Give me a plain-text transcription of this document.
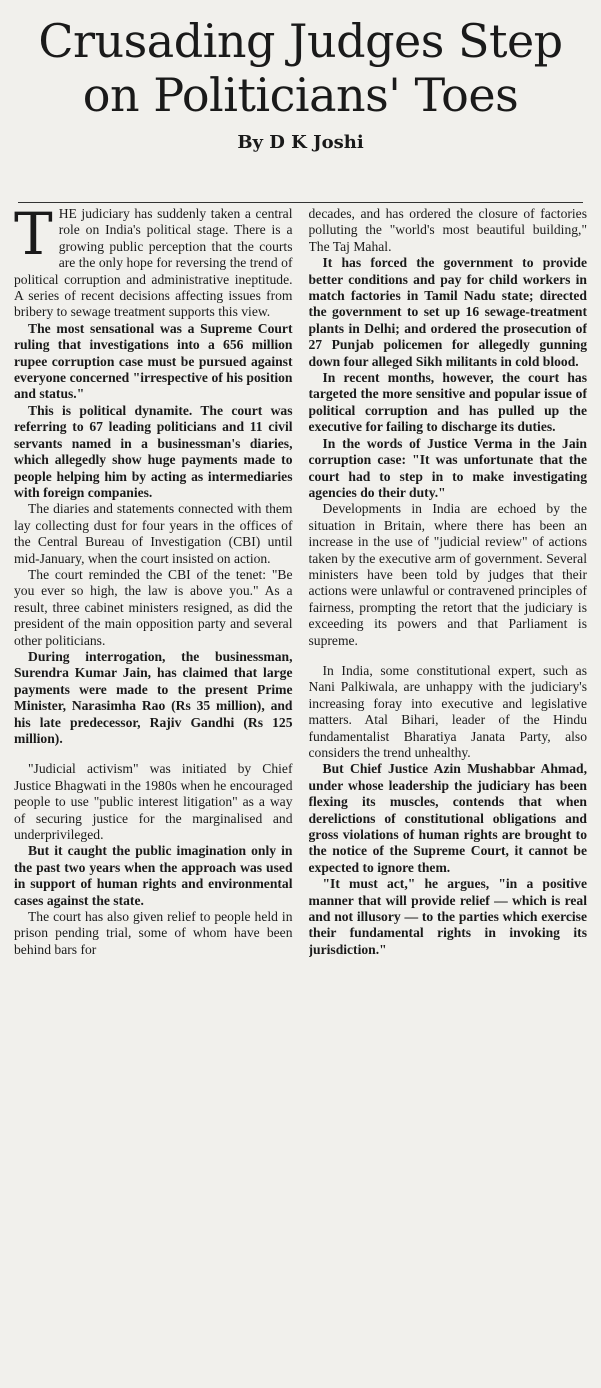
Crusading Judges Step
on Politicians' Toes
By D K Joshi

THE judiciary has suddenly taken a central role on India's political stage. There is a growing public perception that the courts are the only hope for reversing the trend of political corruption and administrative ineptitude. A series of recent decisions affecting issues from bribery to sewage treatment supports this view.

The most sensational was a Supreme Court ruling that investigations into a 656 million rupee corruption case must be pursued against everyone concerned "irrespective of his position and status."

This is political dynamite. The court was referring to 67 leading politicians and 11 civil servants named in a businessman's diaries, which allegedly show huge payments made to people helping him by acting as intermediaries with foreign companies.

The diaries and statements connected with them lay collecting dust for four years in the offices of the Central Bureau of Investigation (CBI) until mid-January, when the court insisted on action.

The court reminded the CBI of the tenet: "Be you ever so high, the law is above you." As a result, three cabinet ministers resigned, as did the president of the main opposition party and several other politicians.

During interrogation, the businessman, Surendra Kumar Jain, has claimed that large payments were made to the present Prime Minister, Narasimha Rao (Rs 35 million), and his late predecessor, Rajiv Gandhi (Rs 125 million).

"Judicial activism" was initiated by Chief Justice Bhagwati in the 1980s when he encouraged people to use "public interest litigation" as a way of securing justice for the marginalised and underprivileged.

But it caught the public imagination only in the past two years when the approach was used in support of human rights and environmental cases against the state.

The court has also given relief to people held in prison pending trial, some of whom have been behind bars for

decades, and has ordered the closure of factories polluting the "world's most beautiful building," The Taj Mahal.

It has forced the government to provide better conditions and pay for child workers in match factories in Tamil Nadu state; directed the government to set up 16 sewage-treatment plants in Delhi; and ordered the prosecution of 27 Punjab policemen for allegedly gunning down four alleged Sikh militants in cold blood.

In recent months, however, the court has targeted the more sensitive and popular issue of political corruption and has pulled up the executive for failing to discharge its duties.

In the words of Justice Verma in the Jain corruption case: "It was unfortunate that the court had to step in to make investigating agencies do their duty."

Developments in India are echoed by the situation in Britain, where there has been an increase in the use of "judicial review" of actions taken by the executive arm of government. Several ministers have been told by judges that their actions were unlawful or contravened principles of fairness, prompting the retort that the judiciary is exceeding its powers and that Parliament is supreme.

In India, some constitutional expert, such as Nani Palkiwala, are unhappy with the judiciary's increasing foray into executive and legislative matters. Atal Bihari, leader of the Hindu fundamentalist Bharatiya Janata Party, also considers the trend unhealthy.

But Chief Justice Azin Mushabbar Ahmad, under whose leadership the judiciary has been flexing its muscles, contends that when derelictions of constitutional obligations and gross violations of human rights are brought to the notice of the Supreme Court, it cannot be expected to ignore them.

"It must act," he argues, "in a positive manner that will provide relief — which is real and not illusory — to the parties which exercise their fundamental rights in invoking its jurisdiction."
